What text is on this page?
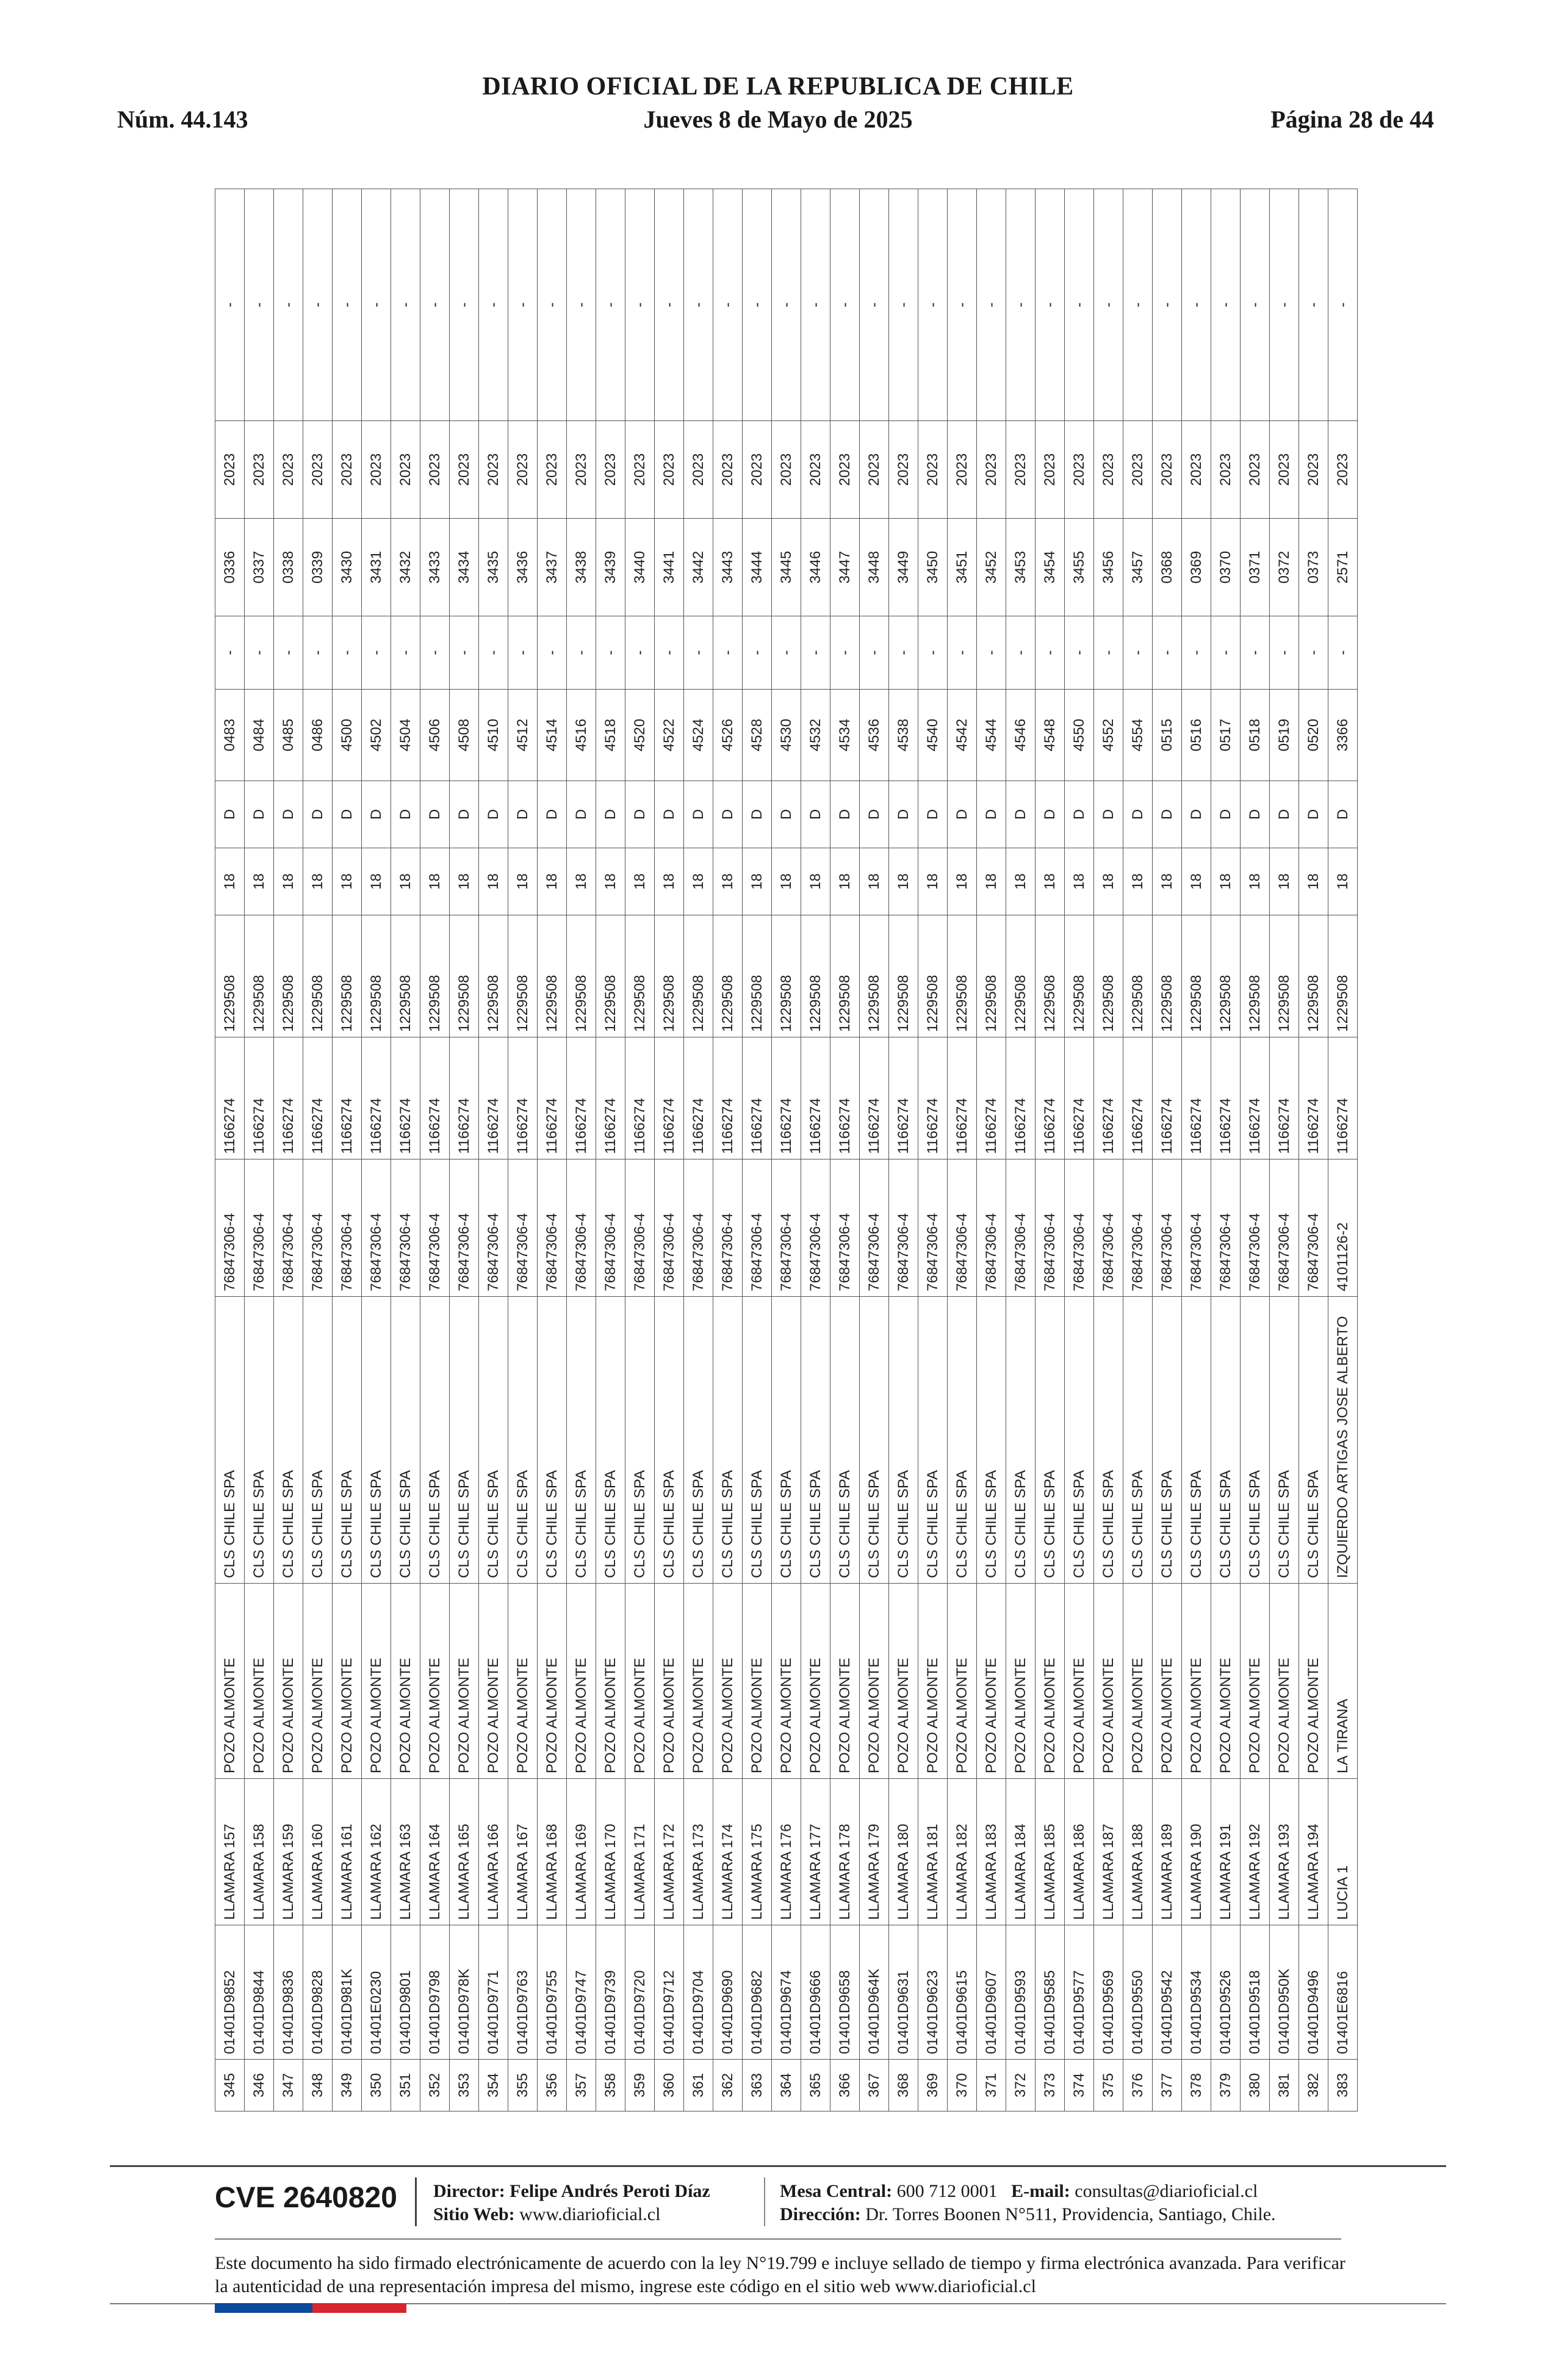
DIARIO OFICIAL DE LA REPUBLICA DE CHILE
Núm. 44.143	Jueves 8 de Mayo de 2025	Página 28 de 44
345	01401D9852	LLAMARA 157	POZO ALMONTE	CLS CHILE SPA	76847306-4	1166274	1229508	18	D	0483	-	0336	2023	-
346	01401D9844	LLAMARA 158	POZO ALMONTE	CLS CHILE SPA	76847306-4	1166274	1229508	18	D	0484	-	0337	2023	-
347	01401D9836	LLAMARA 159	POZO ALMONTE	CLS CHILE SPA	76847306-4	1166274	1229508	18	D	0485	-	0338	2023	-
348	01401D9828	LLAMARA 160	POZO ALMONTE	CLS CHILE SPA	76847306-4	1166274	1229508	18	D	0486	-	0339	2023	-
349	01401D981K	LLAMARA 161	POZO ALMONTE	CLS CHILE SPA	76847306-4	1166274	1229508	18	D	4500	-	3430	2023	-
350	01401E0230	LLAMARA 162	POZO ALMONTE	CLS CHILE SPA	76847306-4	1166274	1229508	18	D	4502	-	3431	2023	-
351	01401D9801	LLAMARA 163	POZO ALMONTE	CLS CHILE SPA	76847306-4	1166274	1229508	18	D	4504	-	3432	2023	-
352	01401D9798	LLAMARA 164	POZO ALMONTE	CLS CHILE SPA	76847306-4	1166274	1229508	18	D	4506	-	3433	2023	-
353	01401D978K	LLAMARA 165	POZO ALMONTE	CLS CHILE SPA	76847306-4	1166274	1229508	18	D	4508	-	3434	2023	-
354	01401D9771	LLAMARA 166	POZO ALMONTE	CLS CHILE SPA	76847306-4	1166274	1229508	18	D	4510	-	3435	2023	-
355	01401D9763	LLAMARA 167	POZO ALMONTE	CLS CHILE SPA	76847306-4	1166274	1229508	18	D	4512	-	3436	2023	-
356	01401D9755	LLAMARA 168	POZO ALMONTE	CLS CHILE SPA	76847306-4	1166274	1229508	18	D	4514	-	3437	2023	-
357	01401D9747	LLAMARA 169	POZO ALMONTE	CLS CHILE SPA	76847306-4	1166274	1229508	18	D	4516	-	3438	2023	-
358	01401D9739	LLAMARA 170	POZO ALMONTE	CLS CHILE SPA	76847306-4	1166274	1229508	18	D	4518	-	3439	2023	-
359	01401D9720	LLAMARA 171	POZO ALMONTE	CLS CHILE SPA	76847306-4	1166274	1229508	18	D	4520	-	3440	2023	-
360	01401D9712	LLAMARA 172	POZO ALMONTE	CLS CHILE SPA	76847306-4	1166274	1229508	18	D	4522	-	3441	2023	-
361	01401D9704	LLAMARA 173	POZO ALMONTE	CLS CHILE SPA	76847306-4	1166274	1229508	18	D	4524	-	3442	2023	-
362	01401D9690	LLAMARA 174	POZO ALMONTE	CLS CHILE SPA	76847306-4	1166274	1229508	18	D	4526	-	3443	2023	-
363	01401D9682	LLAMARA 175	POZO ALMONTE	CLS CHILE SPA	76847306-4	1166274	1229508	18	D	4528	-	3444	2023	-
364	01401D9674	LLAMARA 176	POZO ALMONTE	CLS CHILE SPA	76847306-4	1166274	1229508	18	D	4530	-	3445	2023	-
365	01401D9666	LLAMARA 177	POZO ALMONTE	CLS CHILE SPA	76847306-4	1166274	1229508	18	D	4532	-	3446	2023	-
366	01401D9658	LLAMARA 178	POZO ALMONTE	CLS CHILE SPA	76847306-4	1166274	1229508	18	D	4534	-	3447	2023	-
367	01401D964K	LLAMARA 179	POZO ALMONTE	CLS CHILE SPA	76847306-4	1166274	1229508	18	D	4536	-	3448	2023	-
368	01401D9631	LLAMARA 180	POZO ALMONTE	CLS CHILE SPA	76847306-4	1166274	1229508	18	D	4538	-	3449	2023	-
369	01401D9623	LLAMARA 181	POZO ALMONTE	CLS CHILE SPA	76847306-4	1166274	1229508	18	D	4540	-	3450	2023	-
370	01401D9615	LLAMARA 182	POZO ALMONTE	CLS CHILE SPA	76847306-4	1166274	1229508	18	D	4542	-	3451	2023	-
371	01401D9607	LLAMARA 183	POZO ALMONTE	CLS CHILE SPA	76847306-4	1166274	1229508	18	D	4544	-	3452	2023	-
372	01401D9593	LLAMARA 184	POZO ALMONTE	CLS CHILE SPA	76847306-4	1166274	1229508	18	D	4546	-	3453	2023	-
373	01401D9585	LLAMARA 185	POZO ALMONTE	CLS CHILE SPA	76847306-4	1166274	1229508	18	D	4548	-	3454	2023	-
374	01401D9577	LLAMARA 186	POZO ALMONTE	CLS CHILE SPA	76847306-4	1166274	1229508	18	D	4550	-	3455	2023	-
375	01401D9569	LLAMARA 187	POZO ALMONTE	CLS CHILE SPA	76847306-4	1166274	1229508	18	D	4552	-	3456	2023	-
376	01401D9550	LLAMARA 188	POZO ALMONTE	CLS CHILE SPA	76847306-4	1166274	1229508	18	D	4554	-	3457	2023	-
377	01401D9542	LLAMARA 189	POZO ALMONTE	CLS CHILE SPA	76847306-4	1166274	1229508	18	D	0515	-	0368	2023	-
378	01401D9534	LLAMARA 190	POZO ALMONTE	CLS CHILE SPA	76847306-4	1166274	1229508	18	D	0516	-	0369	2023	-
379	01401D9526	LLAMARA 191	POZO ALMONTE	CLS CHILE SPA	76847306-4	1166274	1229508	18	D	0517	-	0370	2023	-
380	01401D9518	LLAMARA 192	POZO ALMONTE	CLS CHILE SPA	76847306-4	1166274	1229508	18	D	0518	-	0371	2023	-
381	01401D950K	LLAMARA 193	POZO ALMONTE	CLS CHILE SPA	76847306-4	1166274	1229508	18	D	0519	-	0372	2023	-
382	01401D9496	LLAMARA 194	POZO ALMONTE	CLS CHILE SPA	76847306-4	1166274	1229508	18	D	0520	-	0373	2023	-
383	01401E6816	LUCIA 1	LA TIRANA	IZQUIERDO ARTIGAS JOSE ALBERTO	4101126-2	1166274	1229508	18	D	3366	-	2571	2023	-
CVE 2640820 Director: Felipe Andrés Peroti Díaz
Sitio Web: www.diarioficial.cl
Mesa Central: 600 712 0001 E-mail: consultas@diarioficial.cl
Dirección: Dr. Torres Boonen N°511, Providencia, Santiago, Chile.
Este documento ha sido firmado electrónicamente de acuerdo con la ley N°19.799 e incluye sellado de tiempo y firma electrónica avanzada. Para verificar la autenticidad de una representación impresa del mismo, ingrese este código en el sitio web www.diarioficial.cl
